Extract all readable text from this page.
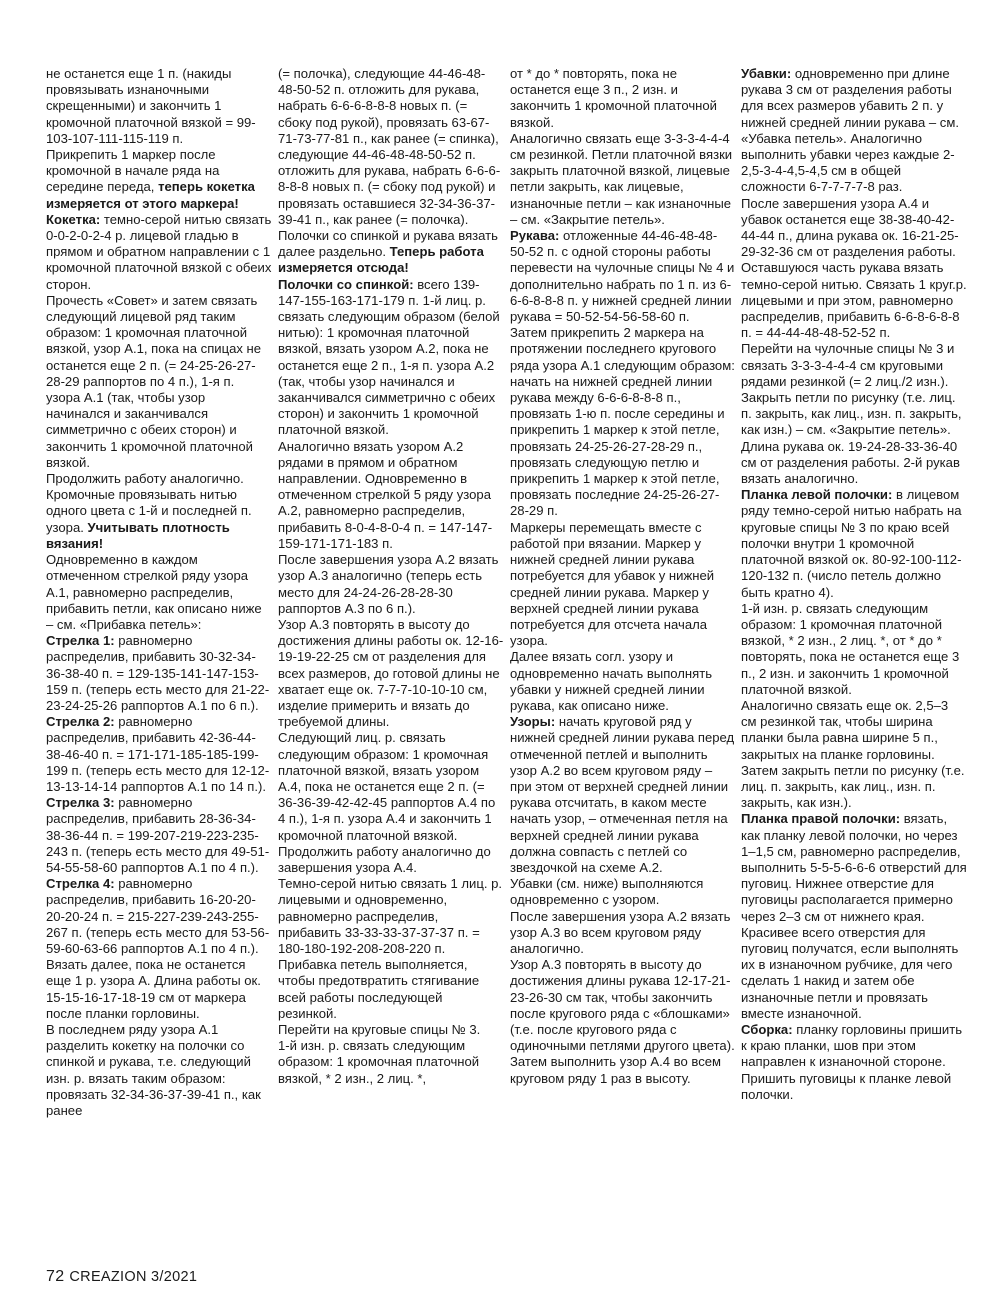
не останется еще 1 п. (накиды провязывать изнаночными скрещенными) и закончить 1 кромочной платочной вязкой = 99-103-107-111-115-119 п.

Прикрепить 1 маркер после кромочной в начале ряда на середине переда, теперь кокетка измеряется от этого маркера!

Кокетка: темно-серой нитью связать 0-0-2-0-2-4 р. лицевой гладью в прямом и обратном направлении с 1 кромочной платочной вязкой с обеих сторон.

Прочесть «Совет» и затем связать следующий лицевой ряд таким образом: 1 кромочная платочной вязкой, узор А.1, пока на спицах не останется еще 2 п. (= 24-25-26-27-28-29 раппортов по 4 п.), 1-я п. узора А.1 (так, чтобы узор начинался и заканчивался симметрично с обеих сторон) и закончить 1 кромочной платочной вязкой.

Продолжить работу аналогично. Кромочные провязывать нитью одного цвета с 1-й и последней п. узора. Учитывать плотность вязания!

Одновременно в каждом отмеченном стрелкой ряду узора А.1, равномерно распределив, прибавить петли, как описано ниже – см. «Прибавка петель»:

Стрелка 1: равномерно распределив, прибавить 30-32-34-36-38-40 п. = 129-135-141-147-153-159 п. (теперь есть место для 21-22-23-24-25-26 раппортов А.1 по 6 п.).

Стрелка 2: равномерно распределив, прибавить 42-36-44-38-46-40 п. = 171-171-185-185-199-199 п. (теперь есть место для 12-12-13-13-14-14 раппортов А.1 по 14 п.).

Стрелка 3: равномерно распределив, прибавить 28-36-34-38-36-44 п. = 199-207-219-223-235-243 п. (теперь есть место для 49-51-54-55-58-60 раппортов А.1 по 4 п.).

Стрелка 4: равномерно распределив, прибавить 16-20-20-20-20-24 п. = 215-227-239-243-255-267 п. (теперь есть место для 53-56-59-60-63-66 раппортов А.1 по 4 п.).

Вязать далее, пока не останется еще 1 р. узора А. Длина работы ок. 15-15-16-17-18-19 см от маркера после планки горловины.

В последнем ряду узора А.1 разделить кокетку на полочки со спинкой и рукава, т.е. следующий изн. р. вязать таким образом: провязать 32-34-36-37-39-41 п., как ранее

(= полочка), следующие 44-46-48-48-50-52 п. отложить для рукава, набрать 6-6-6-8-8-8 новых п. (= сбоку под рукой), провязать 63-67-71-73-77-81 п., как ранее (= спинка), следующие 44-46-48-48-50-52 п. отложить для рукава, набрать 6-6-6-8-8-8 новых п. (= сбоку под рукой) и провязать оставшиеся 32-34-36-37-39-41 п., как ранее (= полочка).

Полочки со спинкой и рукава вязать далее раздельно. Теперь работа измеряется отсюда!

Полочки со спинкой: всего 139-147-155-163-171-179 п. 1-й лиц. р. связать следующим образом (белой нитью): 1 кромочная платочной вязкой, вязать узором А.2, пока не останется еще 2 п., 1-я п. узора А.2 (так, чтобы узор начинался и заканчивался симметрично с обеих сторон) и закончить 1 кромочной платочной вязкой.

Аналогично вязать узором А.2 рядами в прямом и обратном направлении. Одновременно в отмеченном стрелкой 5 ряду узора А.2, равномерно распределив, прибавить 8-0-4-8-0-4 п. = 147-147-159-171-171-183 п.

После завершения узора А.2 вязать узор А.3 аналогично (теперь есть место для 24-24-26-28-28-30 раппортов А.3 по 6 п.).

Узор А.3 повторять в высоту до достижения длины работы ок. 12-16-19-19-22-25 см от разделения для всех размеров, до готовой длины не хватает еще ок. 7-7-7-10-10-10 см, изделие примерить и вязать до требуемой длины.

Следующий лиц. р. связать следующим образом: 1 кромочная платочной вязкой, вязать узором А.4, пока не останется еще 2 п. (= 36-36-39-42-42-45 раппортов А.4 по 4 п.), 1-я п. узора А.4 и закончить 1 кромочной платочной вязкой. Продолжить работу аналогично до завершения узора А.4.

Темно-серой нитью связать 1 лиц. р. лицевыми и одновременно, равномерно распределив, прибавить 33-33-33-37-37-37 п. = 180-180-192-208-208-220 п. Прибавка петель выполняется, чтобы предотвратить стягивание всей работы последующей резинкой.

Перейти на круговые спицы № 3.

1-й изн. р. связать следующим образом: 1 кромочная платочной вязкой, * 2 изн., 2 лиц. *,

от * до * повторять, пока не останется еще 3 п., 2 изн. и закончить 1 кромочной платочной вязкой.

Аналогично связать еще 3-3-3-4-4-4 см резинкой. Петли платочной вязки закрыть платочной вязкой, лицевые петли закрыть, как лицевые, изнаночные петли – как изнаночные – см. «Закрытие петель».

Рукава: отложенные 44-46-48-48-50-52 п. с одной стороны работы перевести на чулочные спицы № 4 и дополнительно набрать по 1 п. из 6-6-6-8-8-8 п. у нижней средней линии рукава = 50-52-54-56-58-60 п.

Затем прикрепить 2 маркера на протяжении последнего кругового ряда узора А.1 следующим образом: начать на нижней средней линии рукава между 6-6-6-8-8-8 п., провязать 1-ю п. после середины и прикрепить 1 маркер к этой петле, провязать 24-25-26-27-28-29 п., провязать следующую петлю и прикрепить 1 маркер к этой петле, провязать последние 24-25-26-27-28-29 п.

Маркеры перемещать вместе с работой при вязании. Маркер у нижней средней линии рукава потребуется для убавок у нижней средней линии рукава. Маркер у верхней средней линии рукава потребуется для отсчета начала узора.

Далее вязать согл. узору и одновременно начать выполнять убавки у нижней средней линии рукава, как описано ниже.

Узоры: начать круговой ряд у нижней средней линии рукава перед отмеченной петлей и выполнить узор А.2 во всем круговом ряду – при этом от верхней средней линии рукава отсчитать, в каком месте начать узор, – отмеченная петля на верхней средней линии рукава должна совпасть с петлей со звездочкой на схеме А.2.

Убавки (см. ниже) выполняются одновременно с узором.

После завершения узора А.2 вязать узор А.3 во всем круговом ряду аналогично.

Узор А.3 повторять в высоту до достижения длины рукава 12-17-21-23-26-30 см так, чтобы закончить после кругового ряда с «блошками» (т.е. после кругового ряда с одиночными петлями другого цвета). Затем выполнить узор А.4 во всем круговом ряду 1 раз в высоту.

Убавки: одновременно при длине рукава 3 см от разделения работы для всех размеров убавить 2 п. у нижней средней линии рукава – см. «Убавка петель». Аналогично выполнить убавки через каждые 2-2,5-3-4-4,5-4,5 см в общей сложности 6-7-7-7-7-8 раз.

После завершения узора А.4 и убавок останется еще 38-38-40-42-44-44 п., длина рукава ок. 16-21-25-29-32-36 см от разделения работы. Оставшуюся часть рукава вязать темно-серой нитью. Связать 1 круг.р. лицевыми и при этом, равномерно распределив, прибавить 6-6-8-6-8-8 п. = 44-44-48-48-52-52 п.

Перейти на чулочные спицы № 3 и связать 3-3-3-4-4-4 см круговыми рядами резинкой (= 2 лиц./2 изн.). Закрыть петли по рисунку (т.е. лиц. п. закрыть, как лиц., изн. п. закрыть, как изн.) – см. «Закрытие петель». Длина рукава ок. 19-24-28-33-36-40 см от разделения работы. 2-й рукав вязать аналогично.

Планка левой полочки: в лицевом ряду темно-серой нитью набрать на круговые спицы № 3 по краю всей полочки внутри 1 кромочной платочной вязкой ок. 80-92-100-112-120-132 п. (число петель должно быть кратно 4).

1-й изн. р. связать следующим образом: 1 кромочная платочной вязкой, * 2 изн., 2 лиц. *, от * до * повторять, пока не останется еще 3 п., 2 изн. и закончить 1 кромочной платочной вязкой.

Аналогично связать еще ок. 2,5–3 см резинкой так, чтобы ширина планки была равна ширине 5 п., закрытых на планке горловины. Затем закрыть петли по рисунку (т.е. лиц. п. закрыть, как лиц., изн. п. закрыть, как изн.).

Планка правой полочки: вязать, как планку левой полочки, но через 1–1,5 см, равномерно распределив, выполнить 5-5-5-6-6-6 отверстий для пуговиц. Нижнее отверстие для пуговицы располагается примерно через 2–3 см от нижнего края. Красивее всего отверстия для пуговиц получатся, если выполнять их в изнаночном рубчике, для чего сделать 1 накид и затем обе изнаночные петли и провязать вместе изнаночной.

Сборка: планку горловины пришить к краю планки, шов при этом направлен к изнаночной стороне. Пришить пуговицы к планке левой полочки.

72 CREAZION 3/2021
